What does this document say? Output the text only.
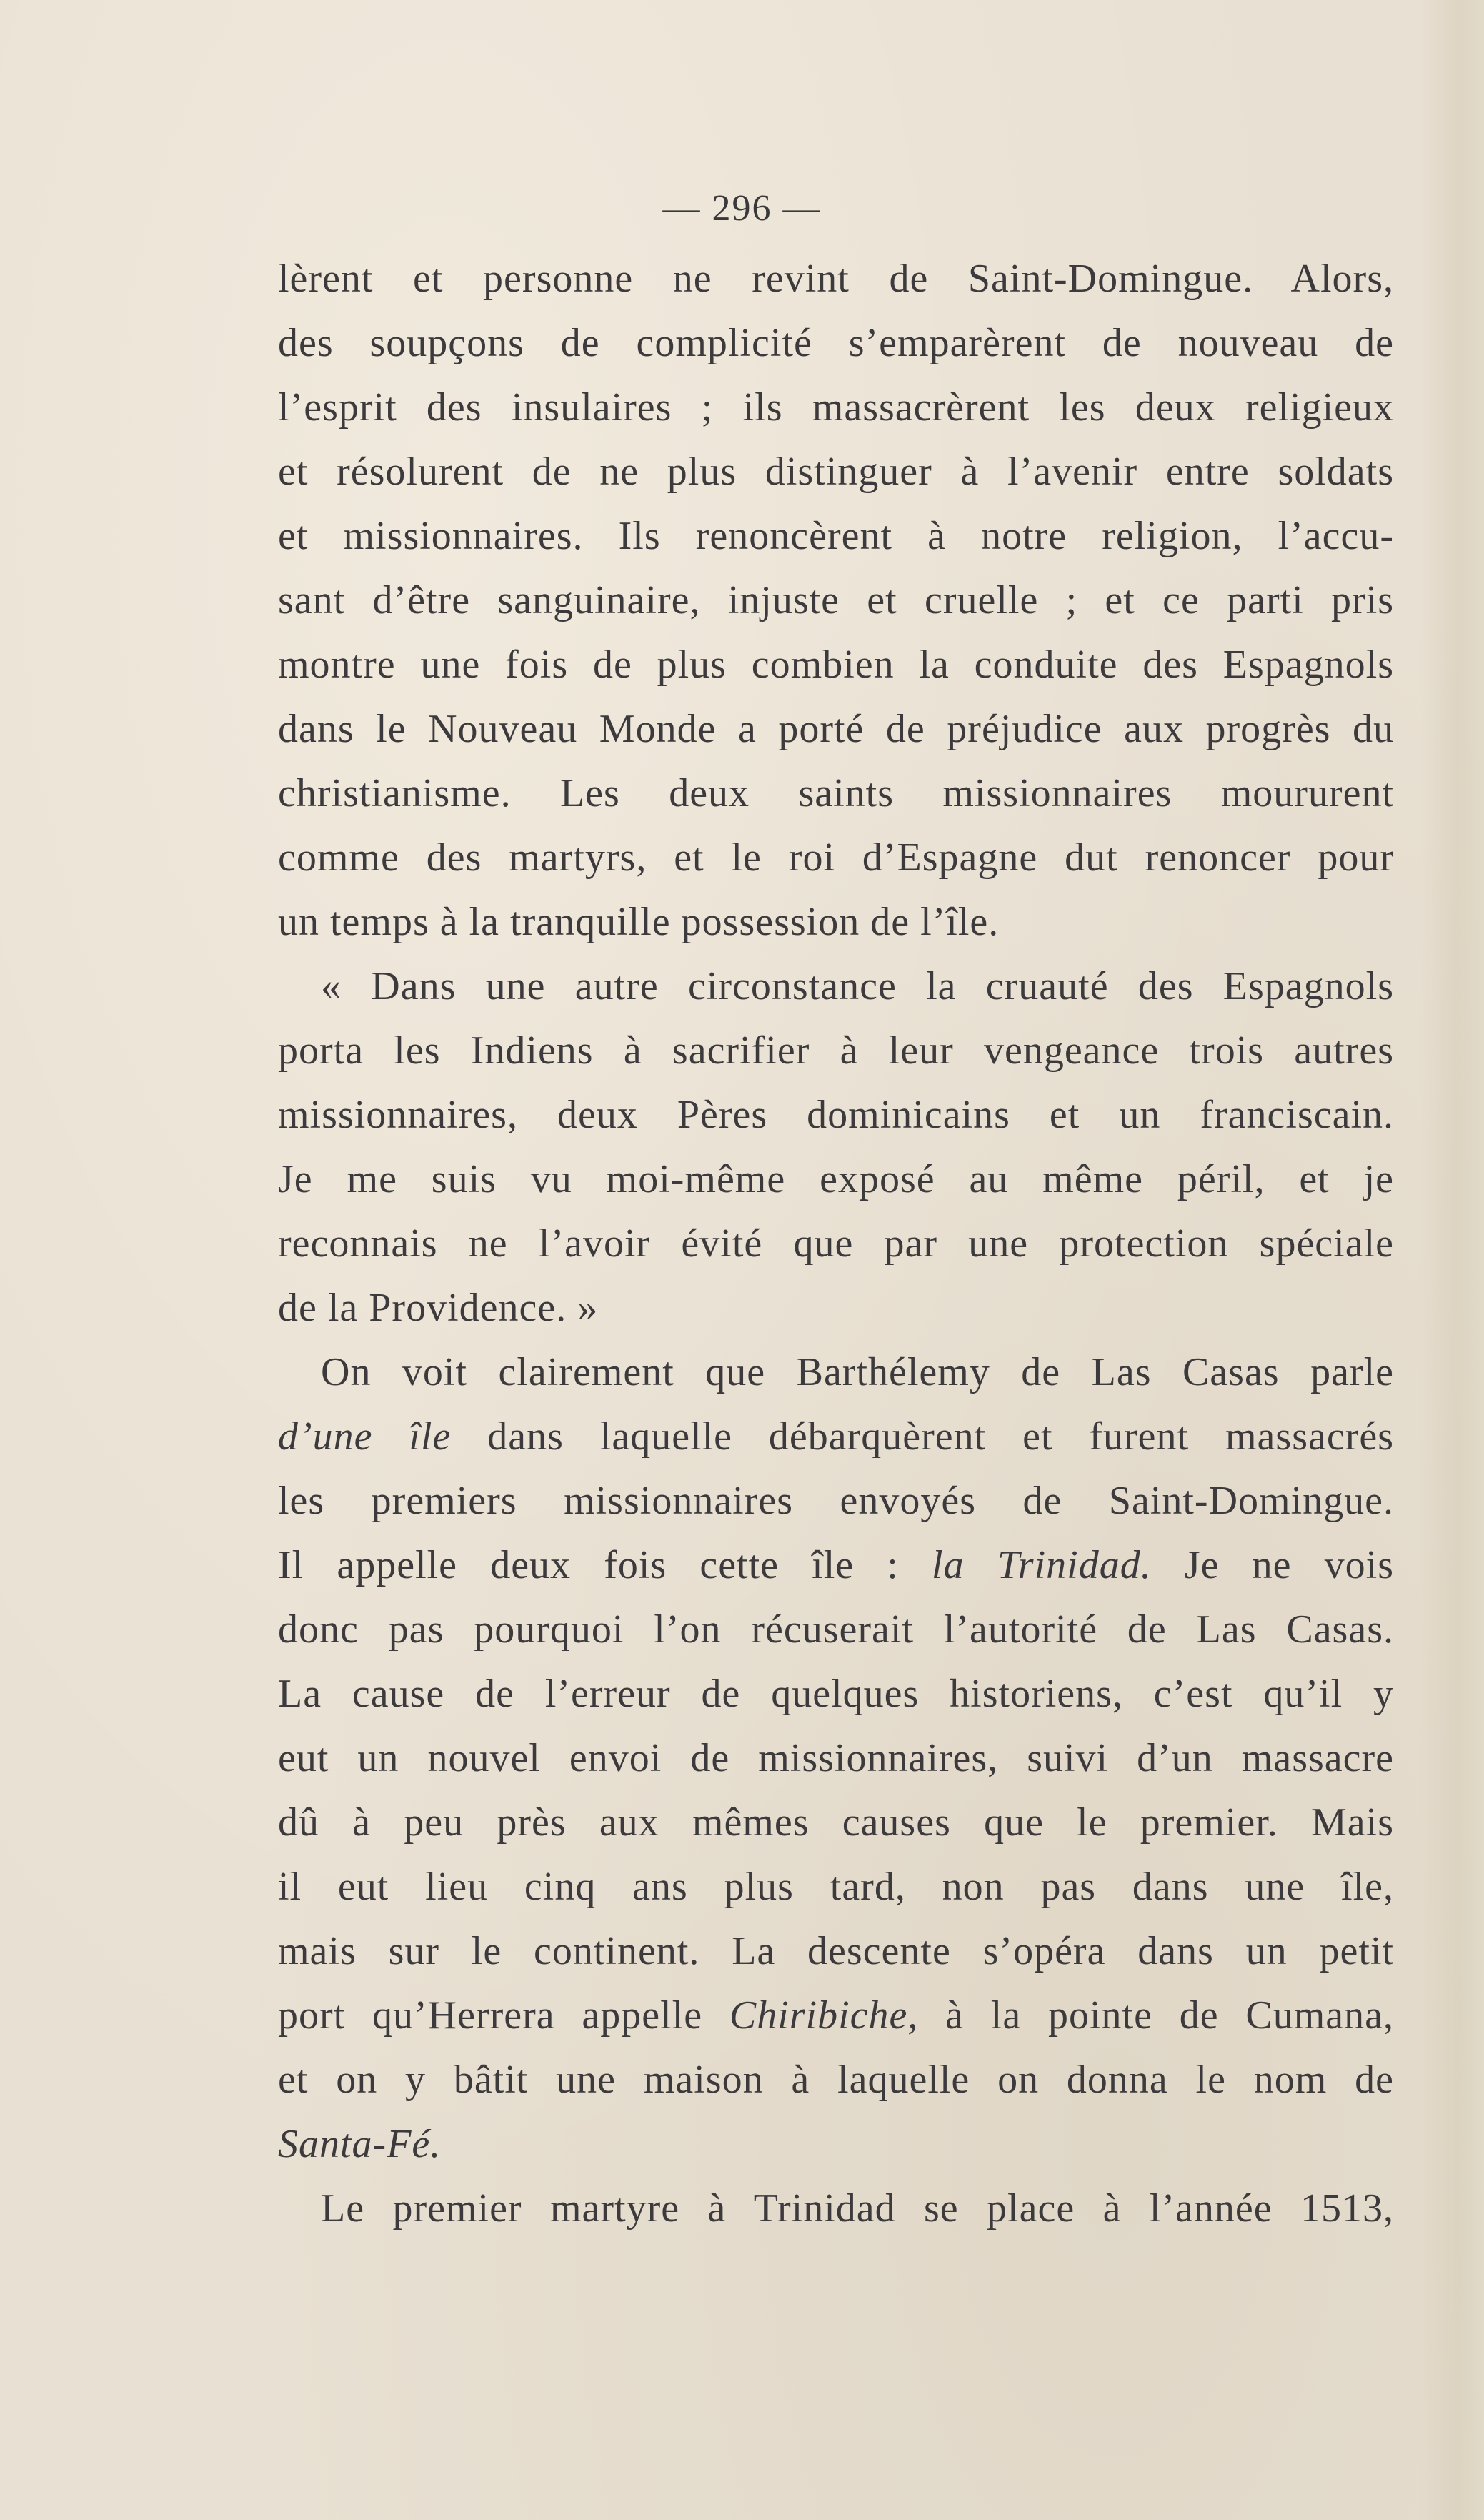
— 296 —
lèrent et personne ne revint de Saint-Domingue. Alors,
des soupçons de complicité s’emparèrent de nouveau de
l’esprit des insulaires ; ils massacrèrent les deux religieux
et résolurent de ne plus distinguer à l’avenir entre soldats
et missionnaires. Ils renoncèrent à notre religion, l’accu-
sant d’être sanguinaire, injuste et cruelle ; et ce parti pris
montre une fois de plus combien la conduite des Espagnols
dans le Nouveau Monde a porté de préjudice aux progrès du
christianisme. Les deux saints missionnaires moururent
comme des martyrs, et le roi d’Espagne dut renoncer pour
un temps à la tranquille possession de l’île.
« Dans une autre circonstance la cruauté des Espagnols
porta les Indiens à sacrifier à leur vengeance trois autres
missionnaires, deux Pères dominicains et un franciscain.
Je me suis vu moi-même exposé au même péril, et je
reconnais ne l’avoir évité que par une protection spéciale
de la Providence. »
On voit clairement que Barthélemy de Las Casas parle
d’une île dans laquelle débarquèrent et furent massacrés
les premiers missionnaires envoyés de Saint-Domingue.
Il appelle deux fois cette île : la Trinidad. Je ne vois
donc pas pourquoi l’on récuserait l’autorité de Las Casas.
La cause de l’erreur de quelques historiens, c’est qu’il y
eut un nouvel envoi de missionnaires, suivi d’un massacre
dû à peu près aux mêmes causes que le premier. Mais
il eut lieu cinq ans plus tard, non pas dans une île,
mais sur le continent. La descente s’opéra dans un petit
port qu’Herrera appelle Chiribiche, à la pointe de Cumana,
et on y bâtit une maison à laquelle on donna le nom de
Santa-Fé.
Le premier martyre à Trinidad se place à l’année 1513,
